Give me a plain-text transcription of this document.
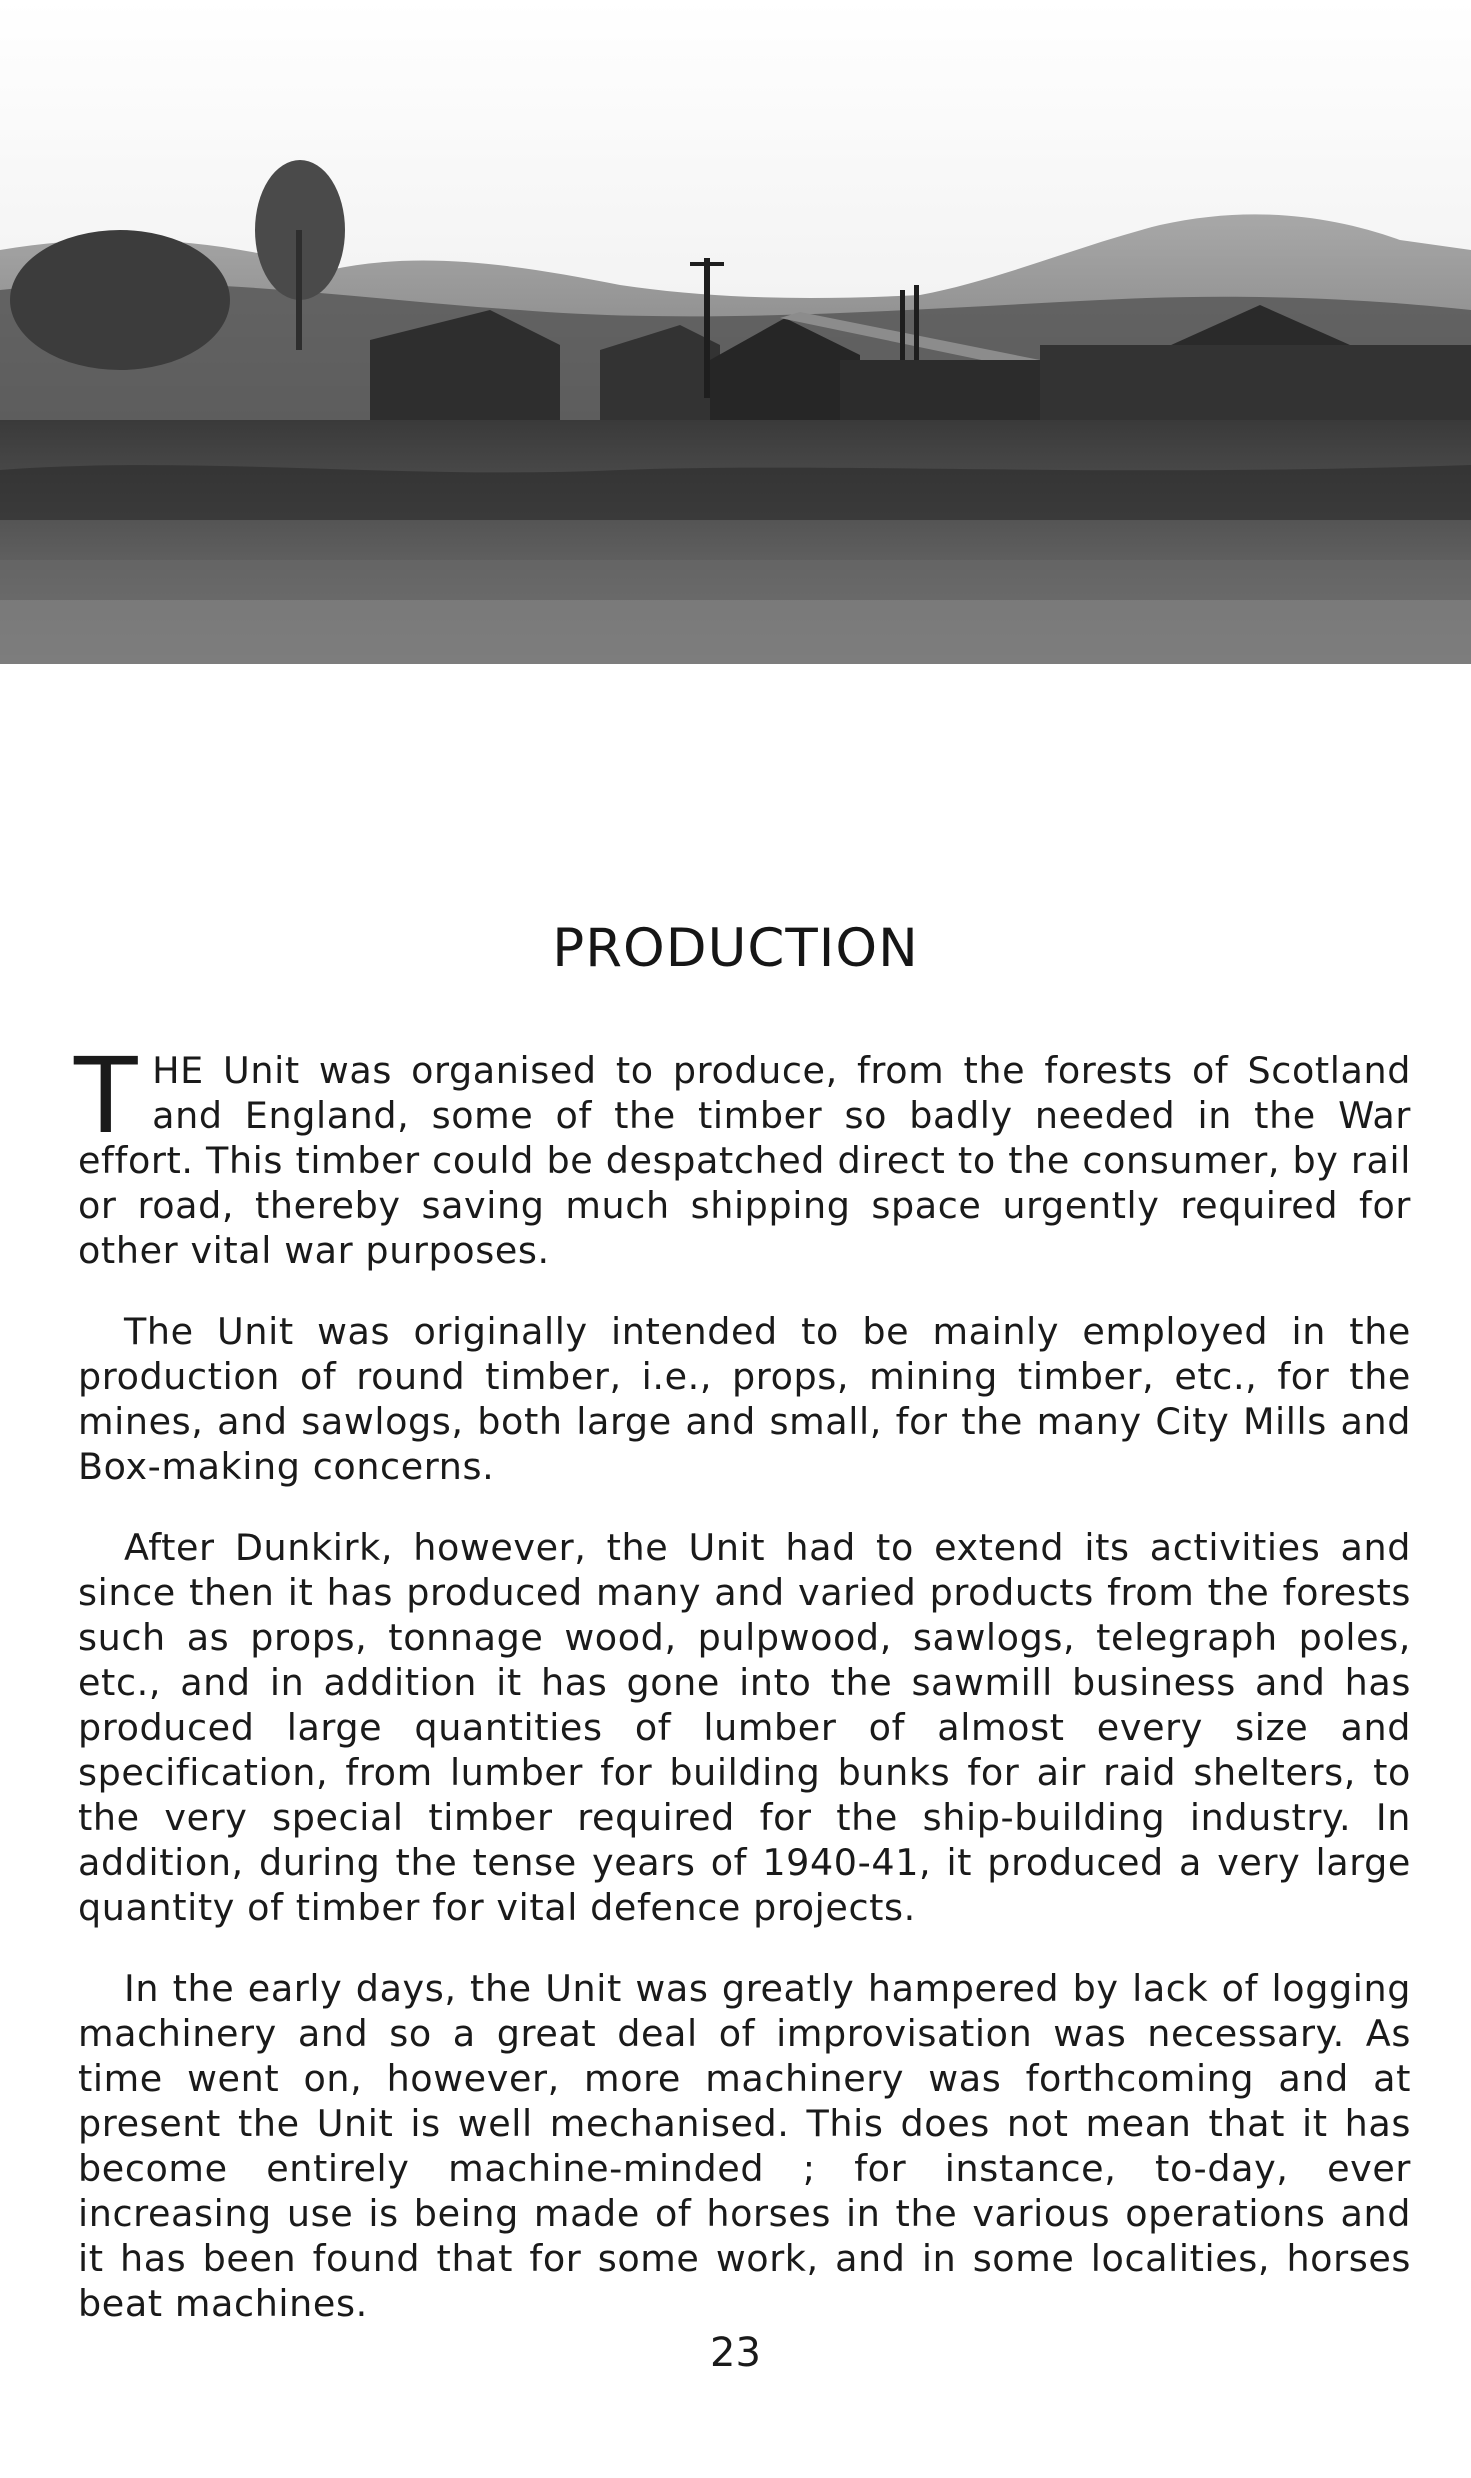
PRODUCTION

THE Unit was organised to produce, from the forests of Scotland and England, some of the timber so badly needed in the War effort. This timber could be despatched direct to the consumer, by rail or road, thereby saving much shipping space urgently required for other vital war purposes.

The Unit was originally intended to be mainly employed in the production of round timber, i.e., props, mining timber, etc., for the mines, and sawlogs, both large and small, for the many City Mills and Box-making concerns.

After Dunkirk, however, the Unit had to extend its activities and since then it has produced many and varied products from the forests such as props, tonnage wood, pulpwood, sawlogs, telegraph poles, etc., and in addition it has gone into the sawmill business and has produced large quantities of lumber of almost every size and specification, from lumber for building bunks for air raid shelters, to the very special timber required for the ship-building industry. In addition, during the tense years of 1940-41, it produced a very large quantity of timber for vital defence projects.

In the early days, the Unit was greatly hampered by lack of logging machinery and so a great deal of improvisation was necessary. As time went on, however, more machinery was forthcoming and at present the Unit is well mechanised. This does not mean that it has become entirely machine-minded ; for instance, to-day, ever increasing use is being made of horses in the various operations and it has been found that for some work, and in some localities, horses beat machines.

23
